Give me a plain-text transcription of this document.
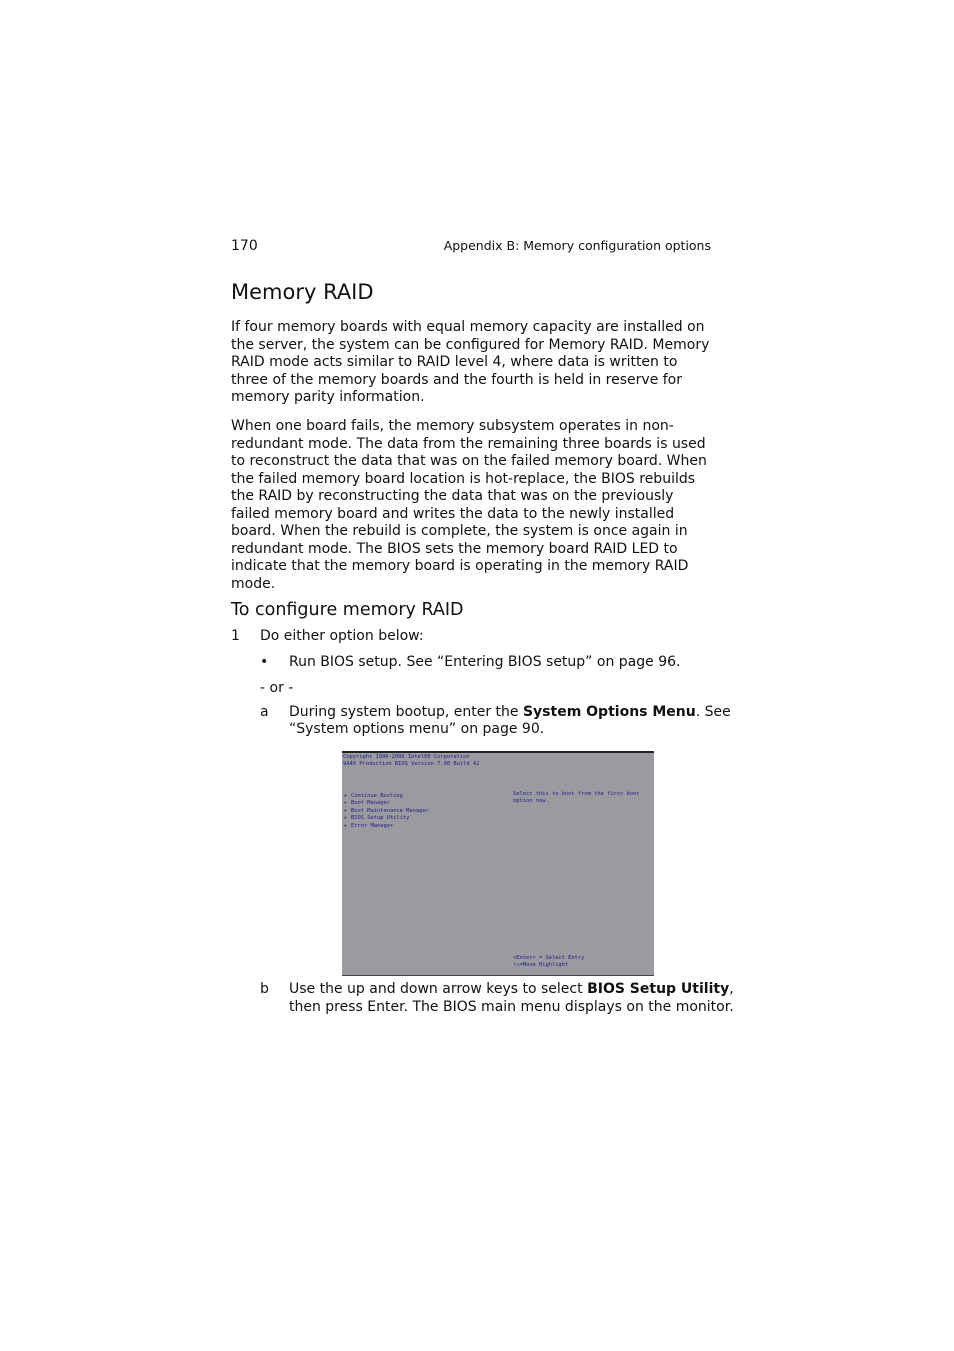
170	Appendix B: Memory configuration options
Memory RAID

If four memory boards with equal memory capacity are installed on the server, the system can be configured for Memory RAID. Memory RAID mode acts similar to RAID level 4, where data is written to three of the memory boards and the fourth is held in reserve for memory parity information.

When one board fails, the memory subsystem operates in non-redundant mode. The data from the remaining three boards is used to reconstruct the data that was on the failed memory board. When the failed memory board location is hot-replace, the BIOS rebuilds the RAID by reconstructing the data that was on the previously failed memory board and writes the data to the newly installed board. When the rebuild is complete, the system is once again in redundant mode. The BIOS sets the memory board RAID LED to indicate that the memory board is operating in the memory RAID mode.

To configure memory RAID
1 Do either option below:

• Run BIOS setup. See “Entering BIOS setup” on page 96.

- or -

a During system bootup, enter the System Options Menu. See

“System options menu” on page 90.

Copyright 1996-2006 Intel00 Corporation
9A40 Production BIOS Version 7.00 Build 42
▸ Continue Booting
▸ Boot Manager
▸ Boot Maintenance Manager
▸ BIOS Setup Utility
▸ Error Manager
Select this to boot from the first boot
option now.
<Enter> = Select Entry
↑↓=Move Highlight
b Use the up and down arrow keys to select BIOS Setup Utility,

then press Enter. The BIOS main menu displays on the monitor.
